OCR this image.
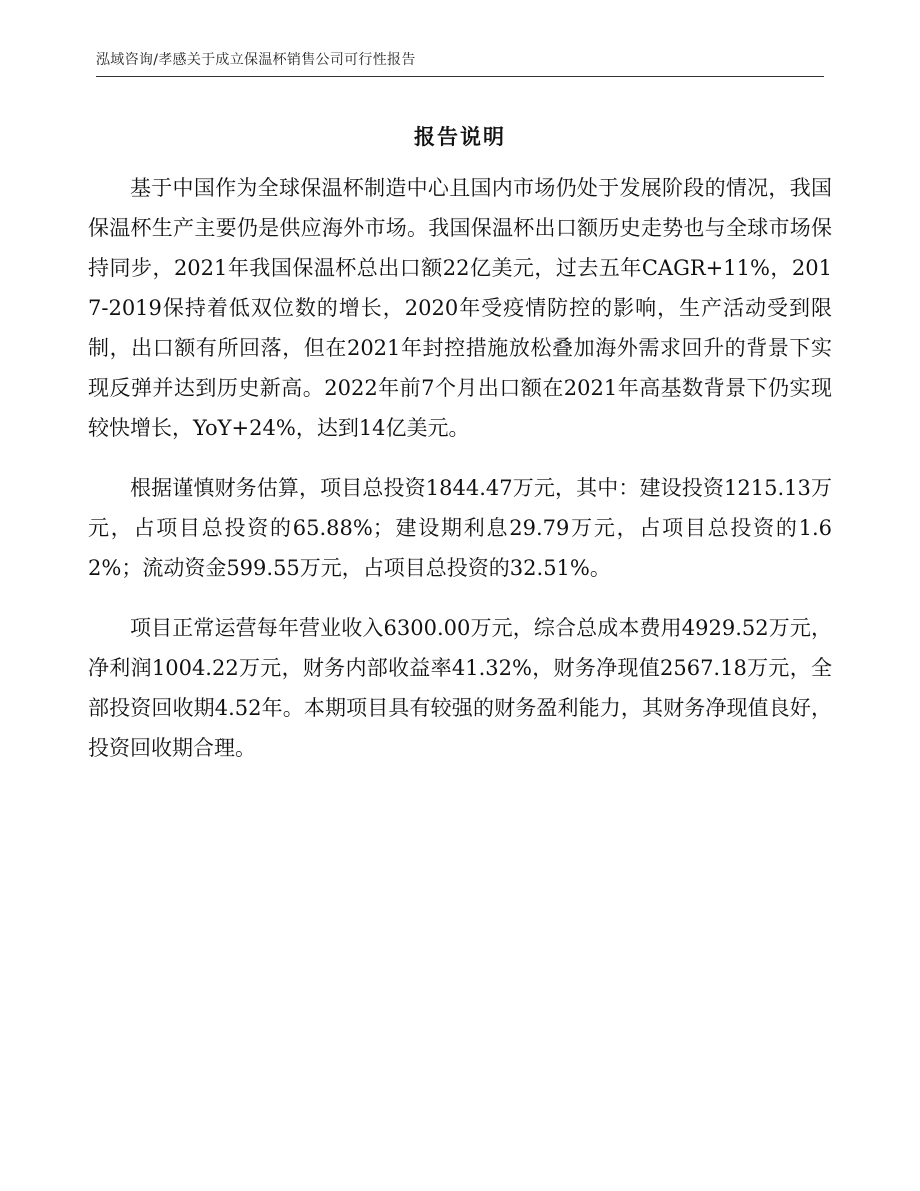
泓域咨询/孝感关于成立保温杯销售公司可行性报告
报告说明

基于中国作为全球保温杯制造中心且国内市场仍处于发展阶段的情况，我国保温杯生产主要仍是供应海外市场。我国保温杯出口额历史走势也与全球市场保持同步，2021年我国保温杯总出口额22亿美元，过去五年CAGR+11%，2017-2019保持着低双位数的增长，2020年受疫情防控的影响，生产活动受到限制，出口额有所回落，但在2021年封控措施放松叠加海外需求回升的背景下实现反弹并达到历史新高。2022年前7个月出口额在2021年高基数背景下仍实现较快增长，YoY+24%，达到14亿美元。

根据谨慎财务估算，项目总投资1844.47万元，其中：建设投资1215.13万元，占项目总投资的65.88%；建设期利息29.79万元，占项目总投资的1.62%；流动资金599.55万元，占项目总投资的32.51%。

项目正常运营每年营业收入6300.00万元，综合总成本费用4929.52万元，净利润1004.22万元，财务内部收益率41.32%，财务净现值2567.18万元，全部投资回收期4.52年。本期项目具有较强的财务盈利能力，其财务净现值良好，投资回收期合理。
